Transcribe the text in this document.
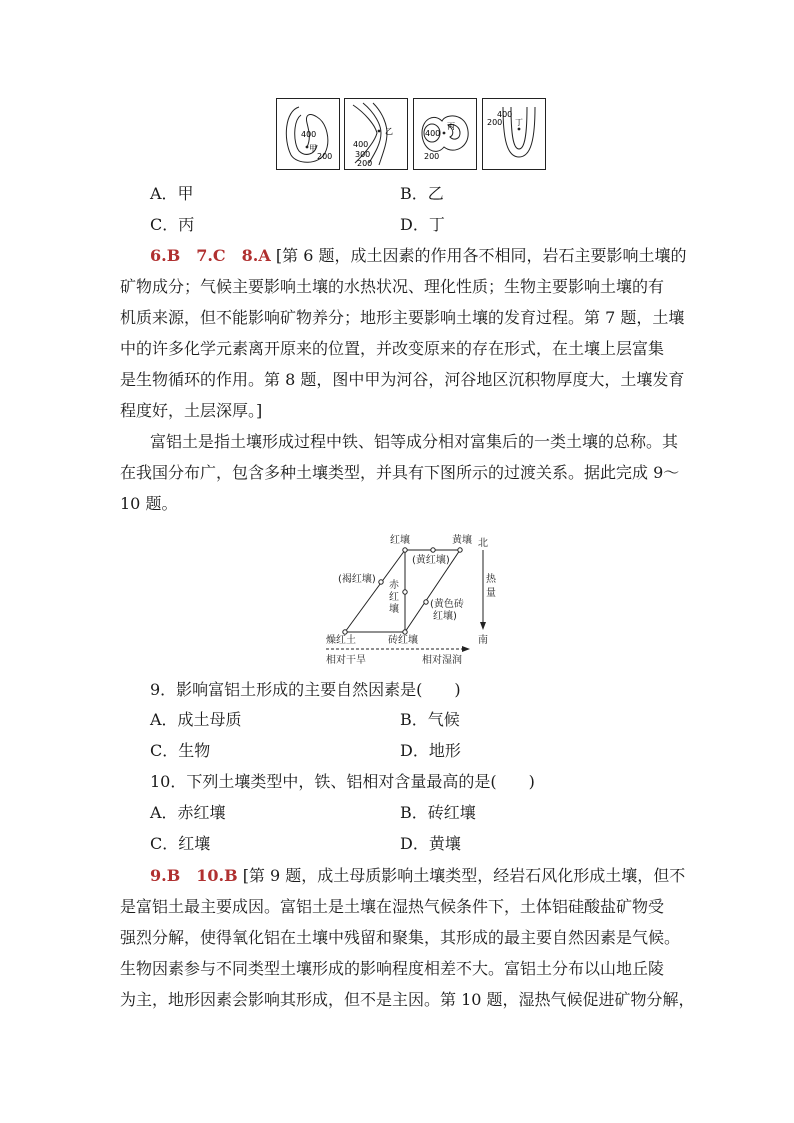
400
甲
200
乙
400
300
200
400
丙
200
400
200 丁
A．甲	B．乙
C．丙	D．丁
6.B　7.C　8.A [第 6 题，成土因素的作用各不相同，岩石主要影响土壤的
矿物成分；气候主要影响土壤的水热状况、理化性质；生物主要影响土壤的有
机质来源，但不能影响矿物养分；地形主要影响土壤的发育过程。第 7 题，土壤
中的许多化学元素离开原来的位置，并改变原来的存在形式，在土壤上层富集
是生物循环的作用。第 8 题，图中甲为河谷，河谷地区沉积物厚度大，土壤发育
程度好，土层深厚。]
富铝土是指土壤形成过程中铁、铝等成分相对富集后的一类土壤的总称。其
在我国分布广，包含多种土壤类型，并具有下图所示的过渡关系。据此完成 9～
10 题。
红壤	黄壤 北
(黄红壤)
(褐红壤)
赤
红
壤
热
量
(黄色砖
红壤)
燥红土	砖红壤	南
相对干旱	相对湿润
9．影响富铝土形成的主要自然因素是(　　)
A．成土母质	B．气候
C．生物	D．地形
10．下列土壤类型中，铁、铝相对含量最高的是(　　)
A．赤红壤	B．砖红壤
C．红壤	D．黄壤
9.B　10.B [第 9 题，成土母质影响土壤类型，经岩石风化形成土壤，但不
是富铝土最主要成因。富铝土是土壤在湿热气候条件下，土体铝硅酸盐矿物受
强烈分解，使得氧化铝在土壤中残留和聚集，其形成的最主要自然因素是气候。
生物因素参与不同类型土壤形成的影响程度相差不大。富铝土分布以山地丘陵
为主，地形因素会影响其形成，但不是主因。第 10 题，湿热气候促进矿物分解，
